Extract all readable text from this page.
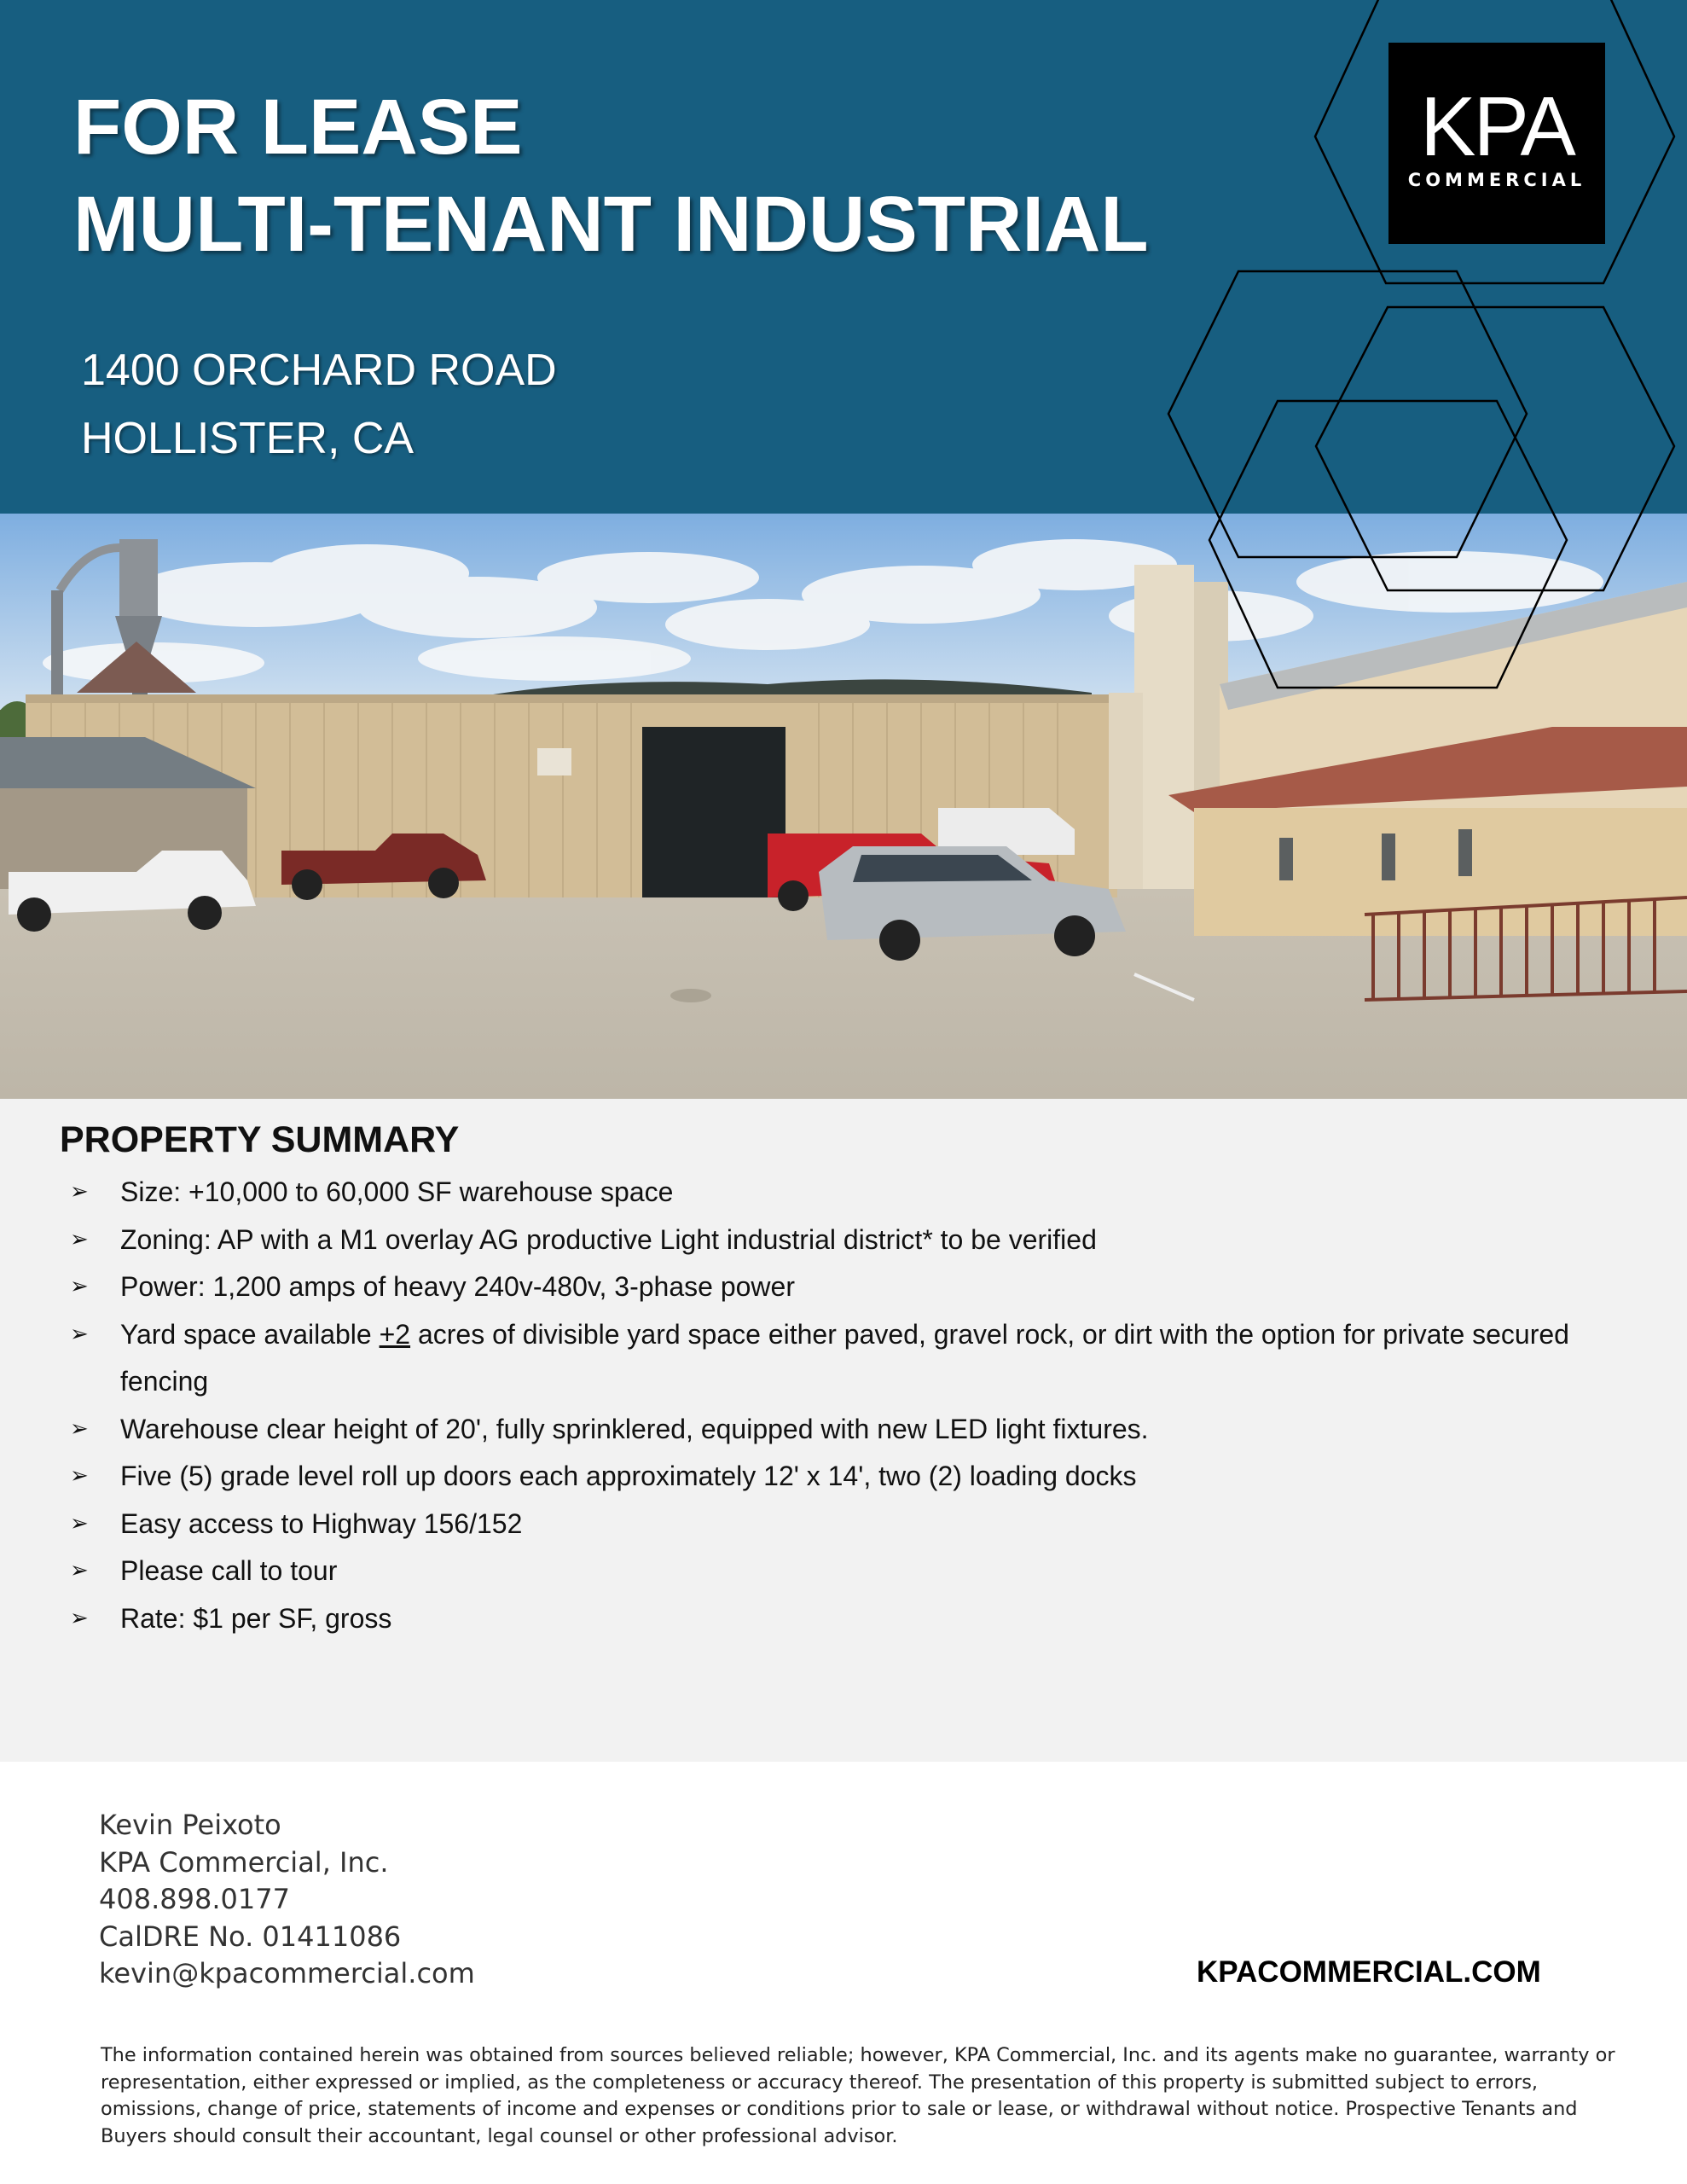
FOR LEASE
MULTI-TENANT INDUSTRIAL
1400 ORCHARD ROAD
HOLLISTER, CA
KPA
COMMERCIAL
PROPERTY SUMMARY
➢ Size: +10,000 to 60,000 SF warehouse space
➢ Zoning: AP with a M1 overlay AG productive Light industrial district* to be verified
➢ Power: 1,200 amps of heavy 240v-480v, 3-phase power
➢ Yard space available +2 acres of divisible yard space either paved, gravel rock, or dirt with the option for private secured fencing
➢ Warehouse clear height of 20', fully sprinklered, equipped with new LED light fixtures.
➢ Five (5) grade level roll up doors each approximately 12' x 14', two (2) loading docks
➢ Easy access to Highway 156/152
➢ Please call to tour
➢ Rate: $1 per SF, gross
Kevin Peixoto
KPA Commercial, Inc.
408.898.0177
CalDRE No. 01411086
kevin@kpacommercial.com	KPACOMMERCIAL.COM

The information contained herein was obtained from sources believed reliable; however, KPA Commercial, Inc. and its agents make no guarantee, warranty or representation, either expressed or implied, as the completeness or accuracy thereof. The presentation of this property is submitted subject to errors, omissions, change of price, statements of income and expenses or conditions prior to sale or lease, or withdrawal without notice. Prospective Tenants and Buyers should consult their accountant, legal counsel or other professional advisor.
